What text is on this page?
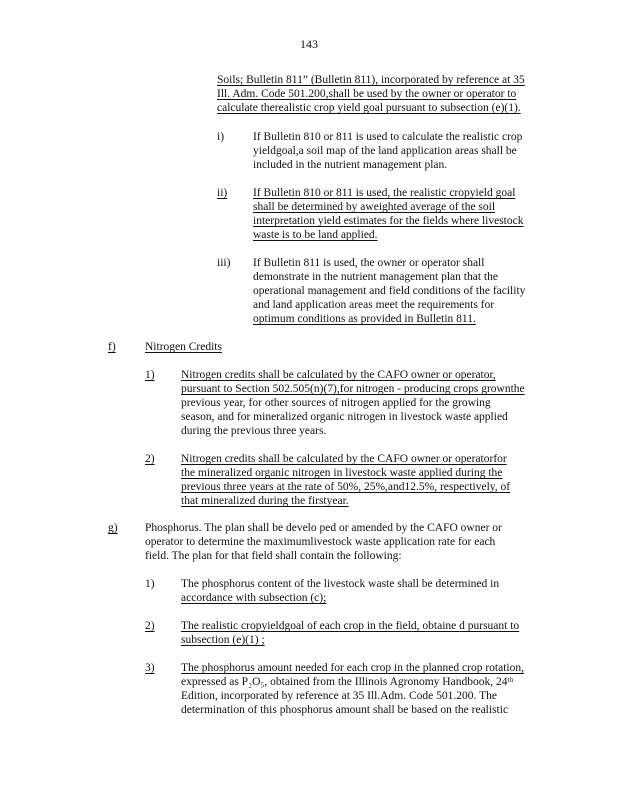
143
Soils; Bulletin 811” (Bulletin 811), incorporated by reference at 35
Ill. Adm. Code 501.200,shall be used by the owner or operator to
calculate therealistic crop yield goal pursuant to subsection (e)(1).
i)	If Bulletin 810 or 811 is used to calculate the realistic crop
yieldgoal,a soil map of the land application areas shall be
included in the nutrient management plan.
ii) If Bulletin 810 or 811 is used, the realistic cropyield goal
shall be determined by aweighted average of the soil
interpretation yield estimates for the fields where livestock
waste is to be land applied.
iii) If Bulletin 811 is used, the owner or operator shall
demonstrate in the nutrient management plan that the
operational management and field conditions of the facility
and land application areas meet the requirements for
optimum conditions as provided in Bulletin 811.
f)	Nitrogen Credits
1) Nitrogen credits shall be calculated by the CAFO owner or operator,
pursuant to Section 502.505(n)(7),for nitrogen - producing crops grownthe
previous year, for other sources of nitrogen applied for the growing
season, and for mineralized organic nitrogen in livestock waste applied
during the previous three years.
2) Nitrogen credits shall be calculated by the CAFO owner or operatorfor
the mineralized organic nitrogen in livestock waste applied during the
previous three years at the rate of 50%, 25%,and12.5%, respectively, of
that mineralized during the firstyear.
g) Phosphorus. The plan shall be develo ped or amended by the CAFO owner or
operator to determine the maximumlivestock waste application rate for each
field. The plan for that field shall contain the following:
1) The phosphorus content of the livestock waste shall be determined in
accordance with subsection (c);
2) The realistic cropyieldgoal of each crop in the field, obtaine d pursuant to
subsection (e)(1) ;
3) The phosphorus amount needed for each crop in the planned crop rotation,
expressed as P₂O₅, obtained from the Illinois Agronomy Handbook, 24ᵗʰ
Edition, incorporated by reference at 35 Ill.Adm. Code 501.200. The
determination of this phosphorus amount shall be based on the realistic
